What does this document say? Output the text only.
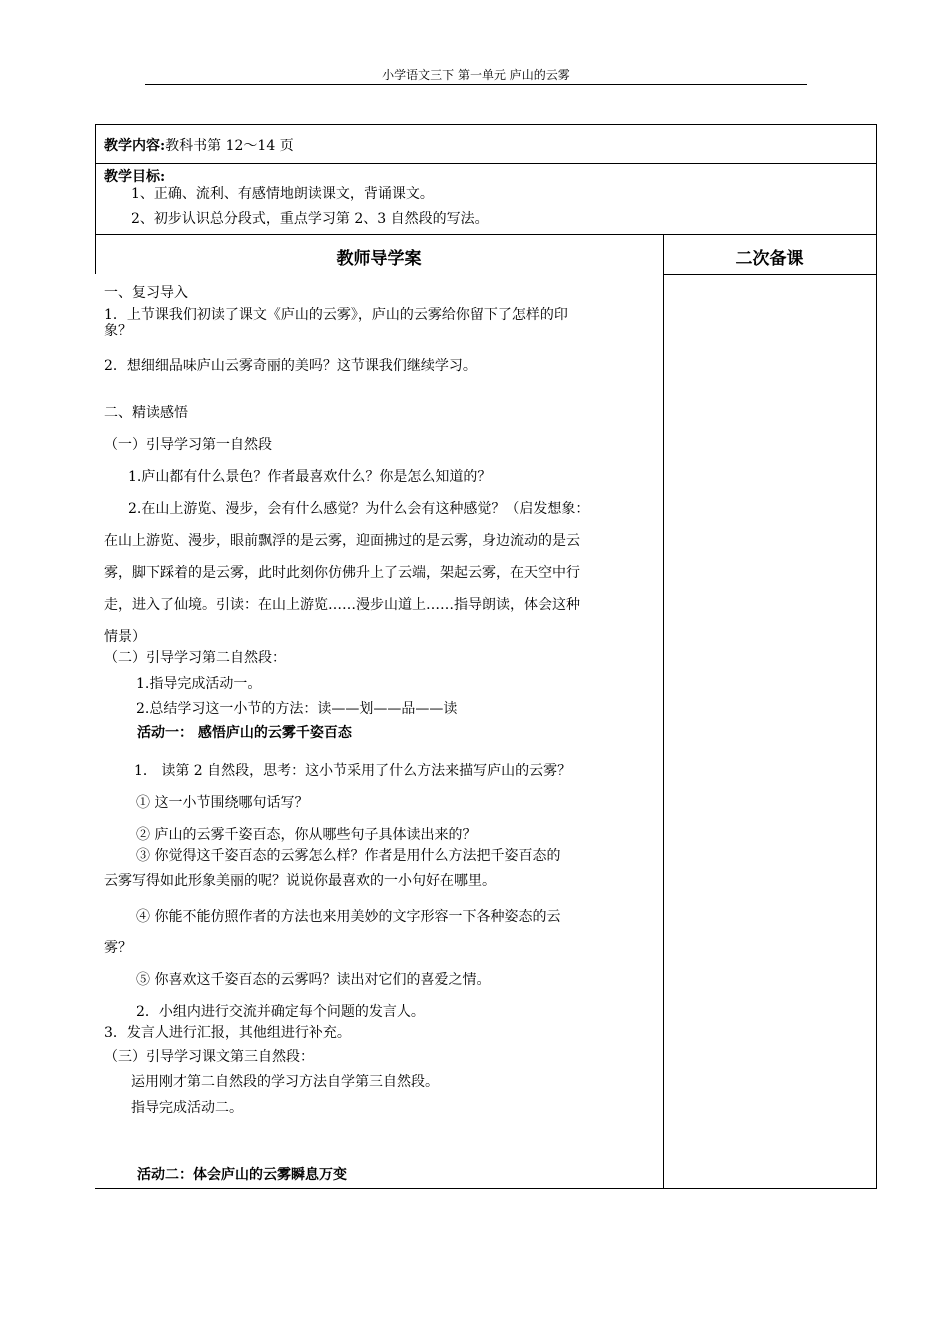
小学语文三下 第一单元 庐山的云雾
教学内容:教科书第 12～14 页
教学目标:
1、正确、流利、有感情地朗读课文，背诵课文。
2、初步认识总分段式，重点学习第 2、3 自然段的写法。
教师导学案	二次备课
一、复习导入
1．上节课我们初读了课文《庐山的云雾》，庐山的云雾给你留下了怎样的印
象？
2．想细细品味庐山云雾奇丽的美吗？这节课我们继续学习。
二、精读感悟
（一）引导学习第一自然段
1.庐山都有什么景色？作者最喜欢什么？你是怎么知道的？
2.在山上游览、漫步，会有什么感觉？为什么会有这种感觉？（启发想象：
在山上游览、漫步，眼前飘浮的是云雾，迎面拂过的是云雾，身边流动的是云
雾，脚下踩着的是云雾，此时此刻你仿佛升上了云端，架起云雾，在天空中行
走，进入了仙境。引读：在山上游览……漫步山道上……指导朗读，体会这种
情景）
（二）引导学习第二自然段：
1.指导完成活动一。
2.总结学习这一小节的方法：读——划——品——读
活动一： 感悟庐山的云雾千姿百态
1． 读第 2 自然段，思考：这小节采用了什么方法来描写庐山的云雾？
① 这一小节围绕哪句话写？
② 庐山的云雾千姿百态，你从哪些句子具体读出来的？
③ 你觉得这千姿百态的云雾怎么样？作者是用什么方法把千姿百态的
云雾写得如此形象美丽的呢？说说你最喜欢的一小句好在哪里。
④ 你能不能仿照作者的方法也来用美妙的文字形容一下各种姿态的云
雾？
⑤ 你喜欢这千姿百态的云雾吗？读出对它们的喜爱之情。
2．小组内进行交流并确定每个问题的发言人。
3．发言人进行汇报，其他组进行补充。
（三）引导学习课文第三自然段：
运用刚才第二自然段的学习方法自学第三自然段。
指导完成活动二。
活动二：体会庐山的云雾瞬息万变
